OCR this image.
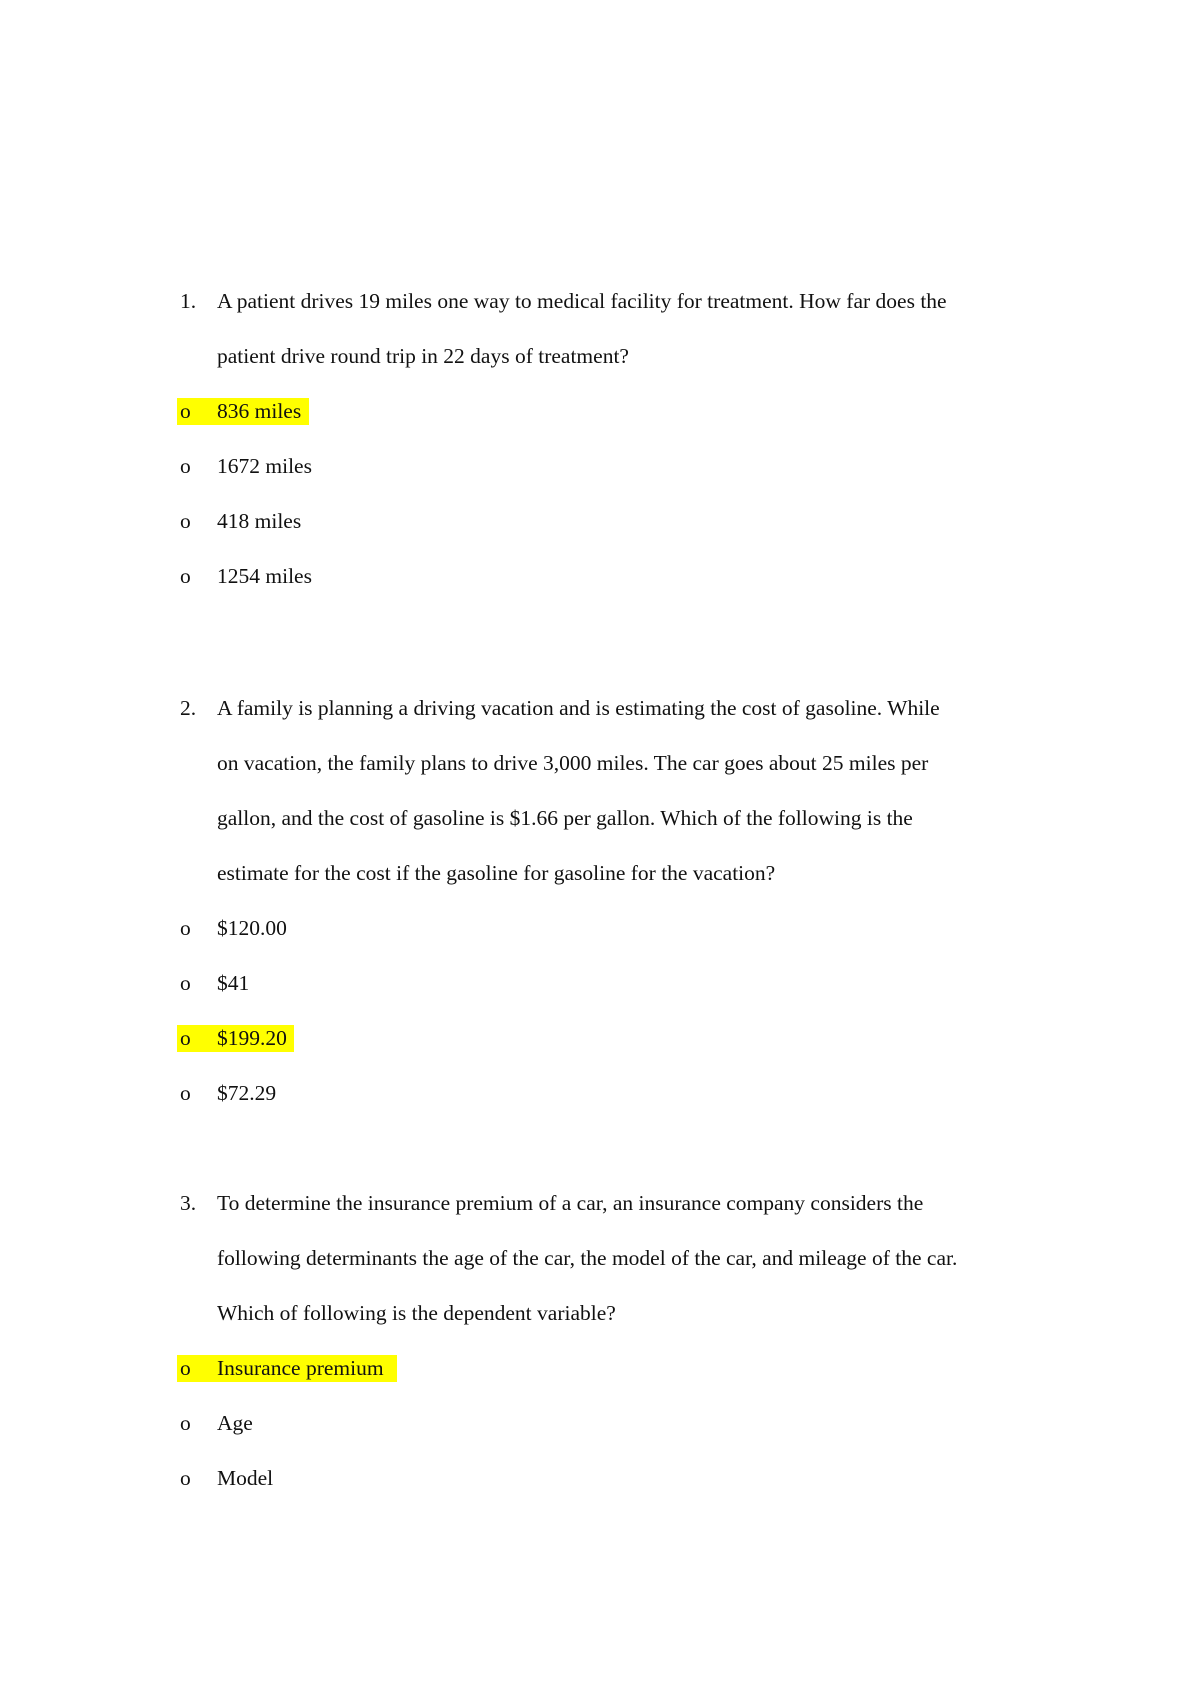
1. A patient drives 19 miles one way to medical facility for treatment. How far does the
patient drive round trip in 22 days of treatment?
o 836 miles
o 1672 miles
o 418 miles
o 1254 miles
2. A family is planning a driving vacation and is estimating the cost of gasoline. While
on vacation, the family plans to drive 3,000 miles. The car goes about 25 miles per
gallon, and the cost of gasoline is $1.66 per gallon. Which of the following is the
estimate for the cost if the gasoline for gasoline for the vacation?
o $120.00
o $41
o $199.20
o $72.29
3. To determine the insurance premium of a car, an insurance company considers the
following determinants the age of the car, the model of the car, and mileage of the car.
Which of following is the dependent variable?
o Insurance premium
o Age
o Model
